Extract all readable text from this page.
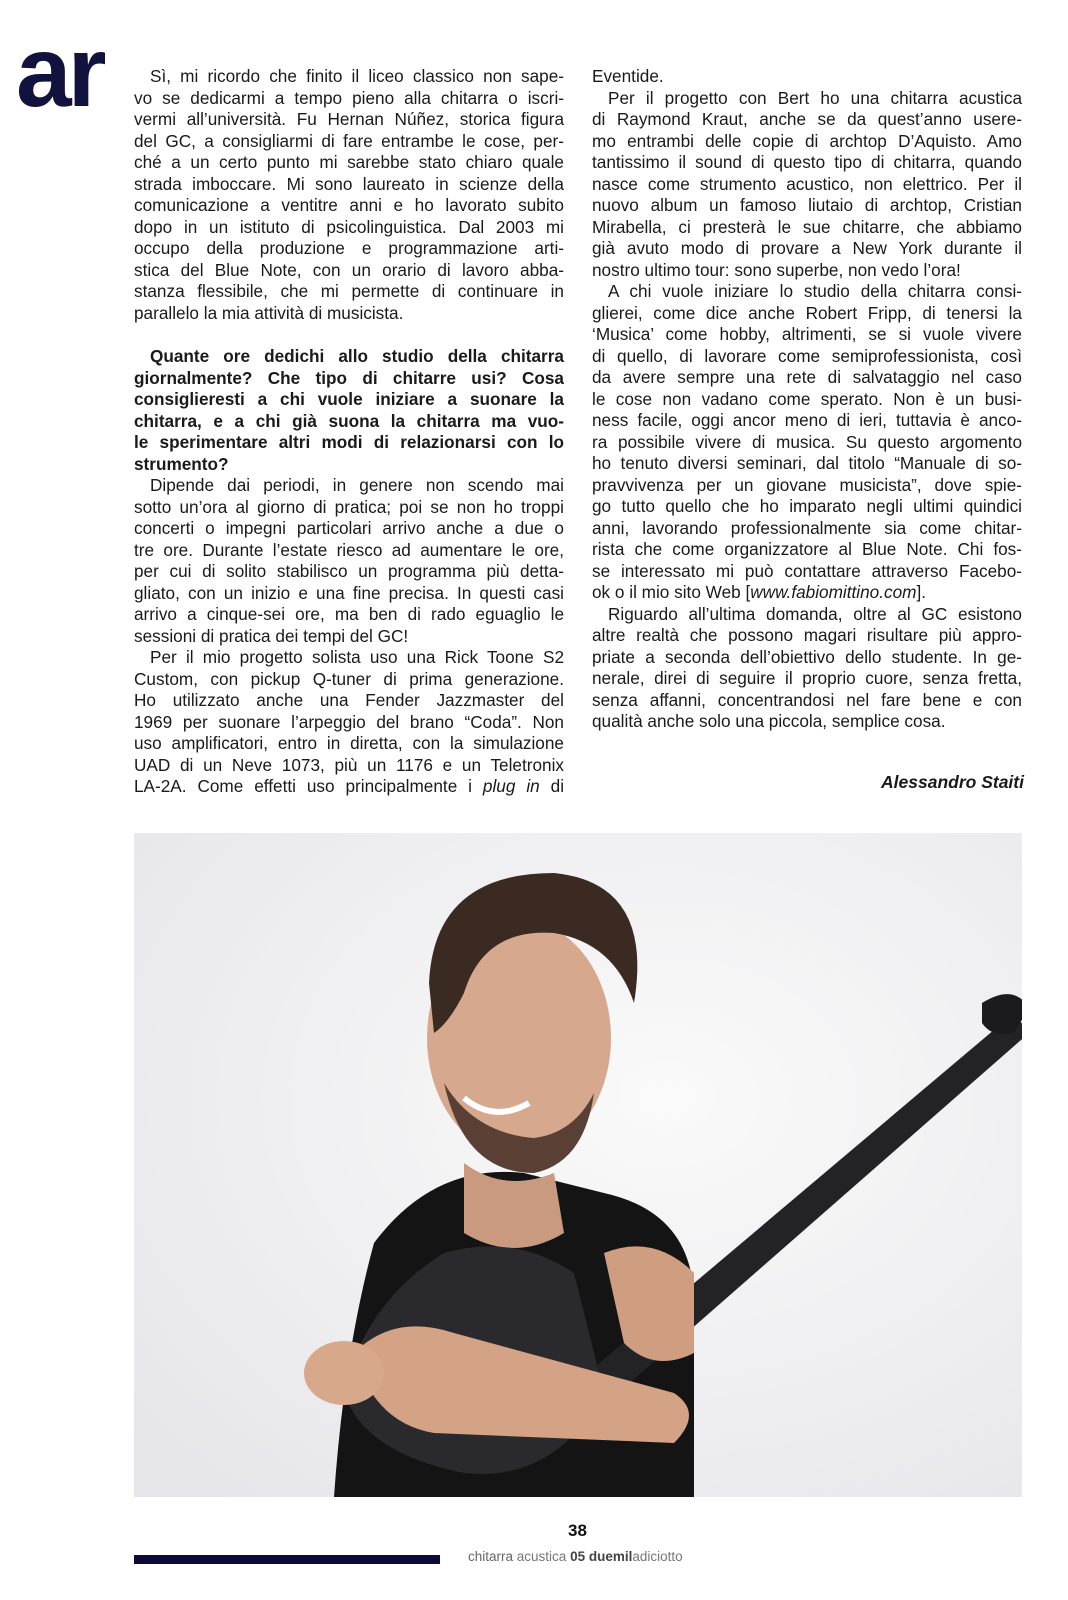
ar	Sì, mi ricordo che finito il liceo classico non sape-
vo se dedicarmi a tempo pieno alla chitarra o iscri-
vermi all’università. Fu Hernan Núñez, storica figura
del GC, a consigliarmi di fare entrambe le cose, per-
ché a un certo punto mi sarebbe stato chiaro quale
strada imboccare. Mi sono laureato in scienze della
comunicazione a ventitre anni e ho lavorato subito
dopo in un istituto di psicolinguistica. Dal 2003 mi
occupo della produzione e programmazione arti-
stica del Blue Note, con un orario di lavoro abba-
stanza flessibile, che mi permette di continuare in
parallelo la mia attività di musicista.
Quante ore dedichi allo studio della chitarra
giornalmente? Che tipo di chitarre usi? Cosa
consiglieresti a chi vuole iniziare a suonare la
chitarra, e a chi già suona la chitarra ma vuo-
le sperimentare altri modi di relazionarsi con lo
strumento?
Dipende dai periodi, in genere non scendo mai
sotto un’ora al giorno di pratica; poi se non ho troppi
concerti o impegni particolari arrivo anche a due o
tre ore. Durante l’estate riesco ad aumentare le ore,
per cui di solito stabilisco un programma più detta-
gliato, con un inizio e una fine precisa. In questi casi
arrivo a cinque-sei ore, ma ben di rado eguaglio le
sessioni di pratica dei tempi del GC!
Per il mio progetto solista uso una Rick Toone S2
Custom, con pickup Q-tuner di prima generazione.
Ho utilizzato anche una Fender Jazzmaster del
1969 per suonare l’arpeggio del brano “Coda”. Non
uso amplificatori, entro in diretta, con la simulazione
UAD di un Neve 1073, più un 1176 e un Teletronix
LA-2A. Come effetti uso principalmente i plug in di
Eventide.
Per il progetto con Bert ho una chitarra acustica
di Raymond Kraut, anche se da quest’anno usere-
mo entrambi delle copie di archtop D’Aquisto. Amo
tantissimo il sound di questo tipo di chitarra, quando
nasce come strumento acustico, non elettrico. Per il
nuovo album un famoso liutaio di archtop, Cristian
Mirabella, ci presterà le sue chitarre, che abbiamo
già avuto modo di provare a New York durante il
nostro ultimo tour: sono superbe, non vedo l’ora!
A chi vuole iniziare lo studio della chitarra consi-
glierei, come dice anche Robert Fripp, di tenersi la
‘Musica’ come hobby, altrimenti, se si vuole vivere
di quello, di lavorare come semiprofessionista, così
da avere sempre una rete di salvataggio nel caso
le cose non vadano come sperato. Non è un busi-
ness facile, oggi ancor meno di ieri, tuttavia è anco-
ra possibile vivere di musica. Su questo argomento
ho tenuto diversi seminari, dal titolo “Manuale di so-
pravvivenza per un giovane musicista”, dove spie-
go tutto quello che ho imparato negli ultimi quindici
anni, lavorando professionalmente sia come chitar-
rista che come organizzatore al Blue Note. Chi fos-
se interessato mi può contattare attraverso Facebo-
ok o il mio sito Web [www.fabiomittino.com].
Riguardo all’ultima domanda, oltre al GC esistono
altre realtà che possono magari risultare più appro-
priate a seconda dell’obiettivo dello studente. In ge-
nerale, direi di seguire il proprio cuore, senza fretta,
senza affanni, concentrandosi nel fare bene e con
qualità anche solo una piccola, semplice cosa.
Alessandro Staiti
38
chitarra acustica 05 duemiladiciotto
